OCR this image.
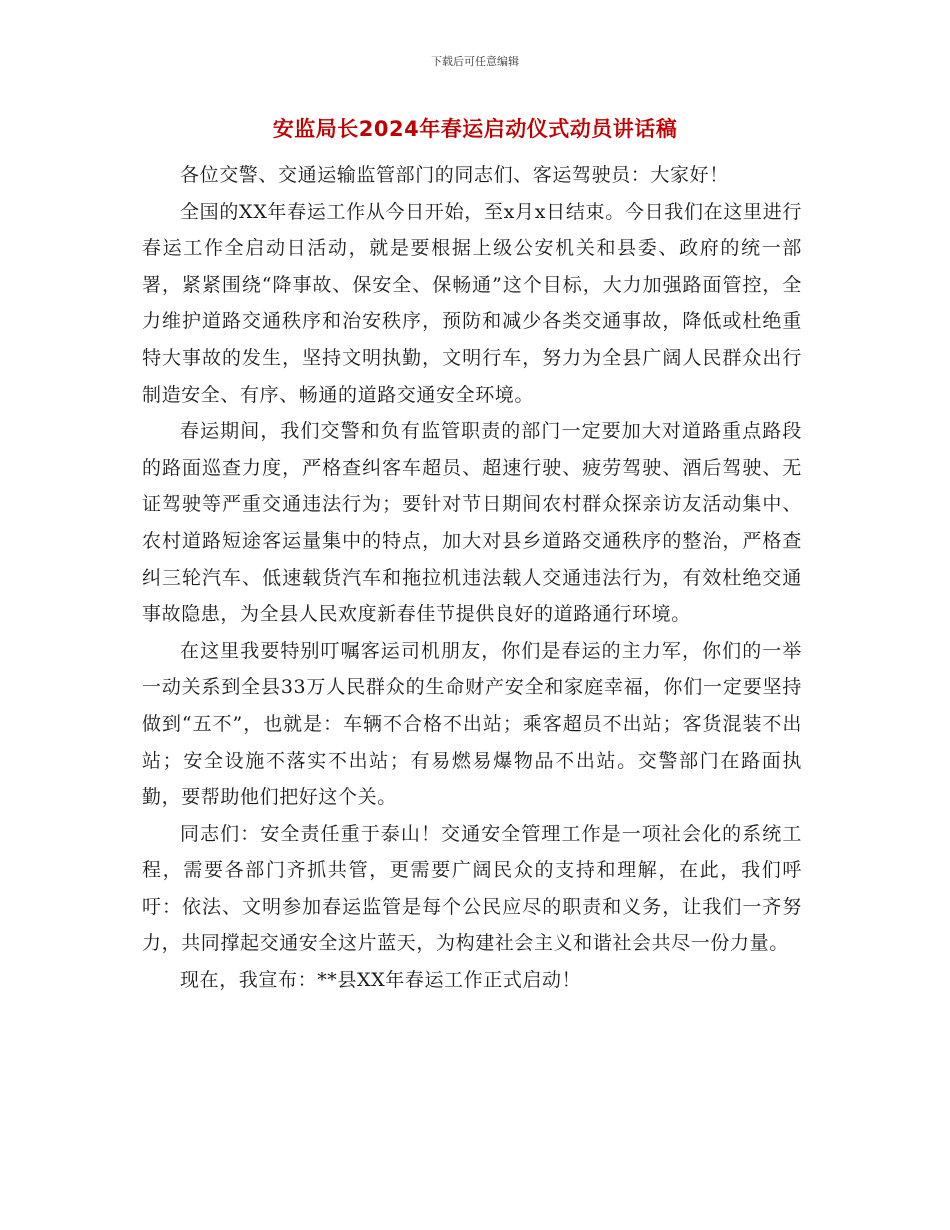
下载后可任意编辑
安监局长2024年春运启动仪式动员讲话稿

各位交警、交通运输监管部门的同志们、客运驾驶员：大家好！

全国的XX年春运工作从今日开始，至x月x日结束。今日我们在这里进行春运工作全启动日活动，就是要根据上级公安机关和县委、政府的统一部署，紧紧围绕“降事故、保安全、保畅通”这个目标，大力加强路面管控，全力维护道路交通秩序和治安秩序，预防和减少各类交通事故，降低或杜绝重特大事故的发生，坚持文明执勤，文明行车，努力为全县广阔人民群众出行制造安全、有序、畅通的道路交通安全环境。

春运期间，我们交警和负有监管职责的部门一定要加大对道路重点路段的路面巡查力度，严格查纠客车超员、超速行驶、疲劳驾驶、酒后驾驶、无证驾驶等严重交通违法行为；要针对节日期间农村群众探亲访友活动集中、农村道路短途客运量集中的特点，加大对县乡道路交通秩序的整治，严格查纠三轮汽车、低速载货汽车和拖拉机违法载人交通违法行为，有效杜绝交通事故隐患，为全县人民欢度新春佳节提供良好的道路通行环境。

在这里我要特别叮嘱客运司机朋友，你们是春运的主力军，你们的一举一动关系到全县33万人民群众的生命财产安全和家庭幸福，你们一定要坚持做到“五不”，也就是：车辆不合格不出站；乘客超员不出站；客货混装不出站；安全设施不落实不出站；有易燃易爆物品不出站。交警部门在路面执勤，要帮助他们把好这个关。

同志们：安全责任重于泰山！交通安全管理工作是一项社会化的系统工程，需要各部门齐抓共管，更需要广阔民众的支持和理解，在此，我们呼吁：依法、文明参加春运监管是每个公民应尽的职责和义务，让我们一齐努力，共同撑起交通安全这片蓝天，为构建社会主义和谐社会共尽一份力量。

现在，我宣布：**县XX年春运工作正式启动！
